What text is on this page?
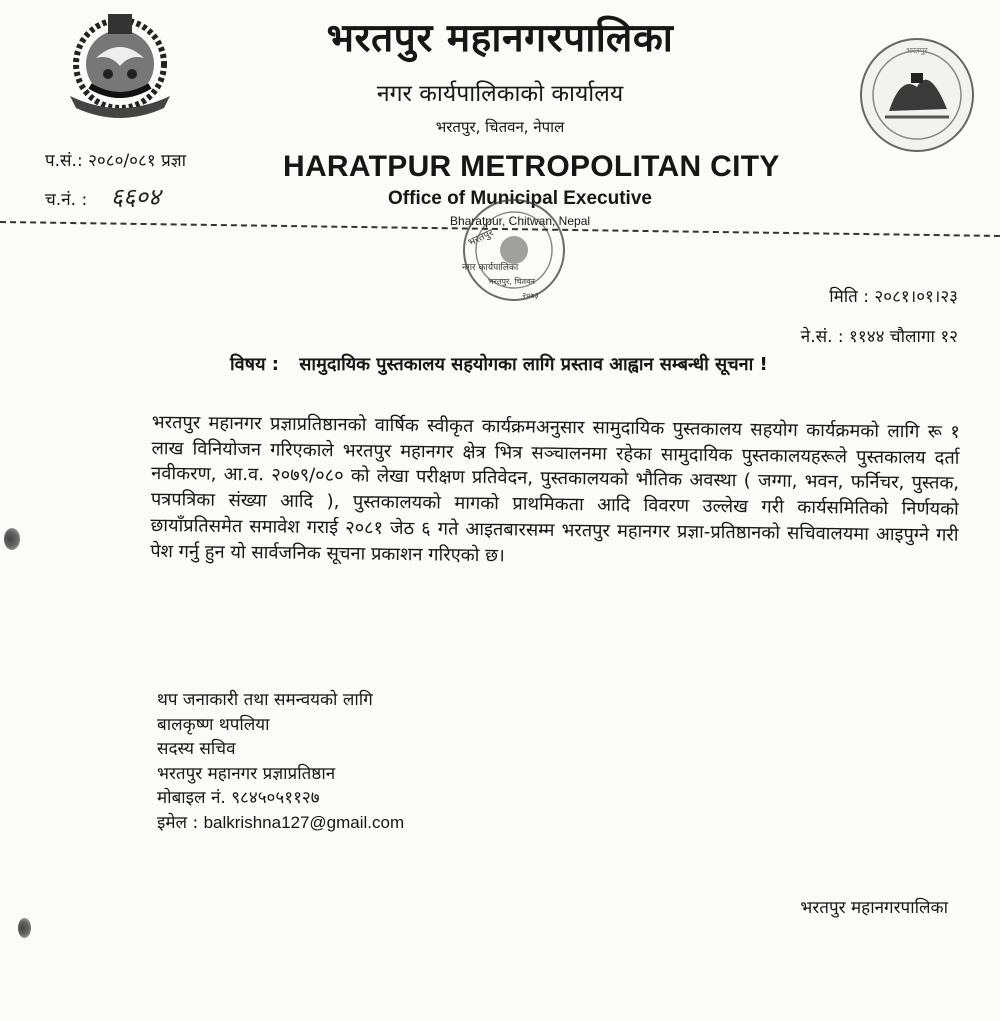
भरतपुर
भरतपुर महानगरपालिका
नगर कार्यपालिकाको कार्यालय
भरतपुर, चितवन, नेपाल
प.सं.: २०८०/०८१ प्रज्ञा
च.नं. : ६६०४
HARATPUR METROPOLITAN CITY
Office of Municipal Executive
Bharatpur, Chitwan, Nepal
भरतपुर
नगर कार्यपालिका
भरतपुर, चितवन
२०७३	मिति : २०८१।०१।२३
ने.सं. : ११४४ चौलागा १२
विषय : सामुदायिक पुस्तकालय सहयोगका लागि प्रस्ताव आह्वान सम्बन्धी सूचना !
भरतपुर महानगर प्रज्ञाप्रतिष्ठानको वार्षिक स्वीकृत कार्यक्रमअनुसार सामुदायिक पुस्तकालय सहयोग कार्यक्रमको लागि रू १ लाख विनियोजन गरिएकाले भरतपुर महानगर क्षेत्र भित्र सञ्चालनमा रहेका सामुदायिक पुस्तकालयहरूले पुस्तकालय दर्ता नवीकरण, आ.व. २०७९/०८० को लेखा परीक्षण प्रतिवेदन, पुस्तकालयको भौतिक अवस्था ( जग्गा, भवन, फर्निचर, पुस्तक, पत्रपत्रिका संख्या आदि ), पुस्तकालयको मागको प्राथमिकता आदि विवरण उल्लेख गरी कार्यसमितिको निर्णयको छायाँप्रतिसमेत समावेश गराई २०८१ जेठ ६ गते आइतबारसम्म भरतपुर महानगर प्रज्ञा-प्रतिष्ठानको सचिवालयमा आइपुग्ने गरी पेश गर्नु हुन यो सार्वजनिक सूचना प्रकाशन गरिएको छ।
थप जनाकारी तथा समन्वयको लागि
बालकृष्ण थपलिया
सदस्य सचिव
भरतपुर महानगर प्रज्ञाप्रतिष्ठान
मोबाइल नं. ९८४५०५११२७
इमेल : balkrishna127@gmail.com
भरतपुर महानगरपालिका
